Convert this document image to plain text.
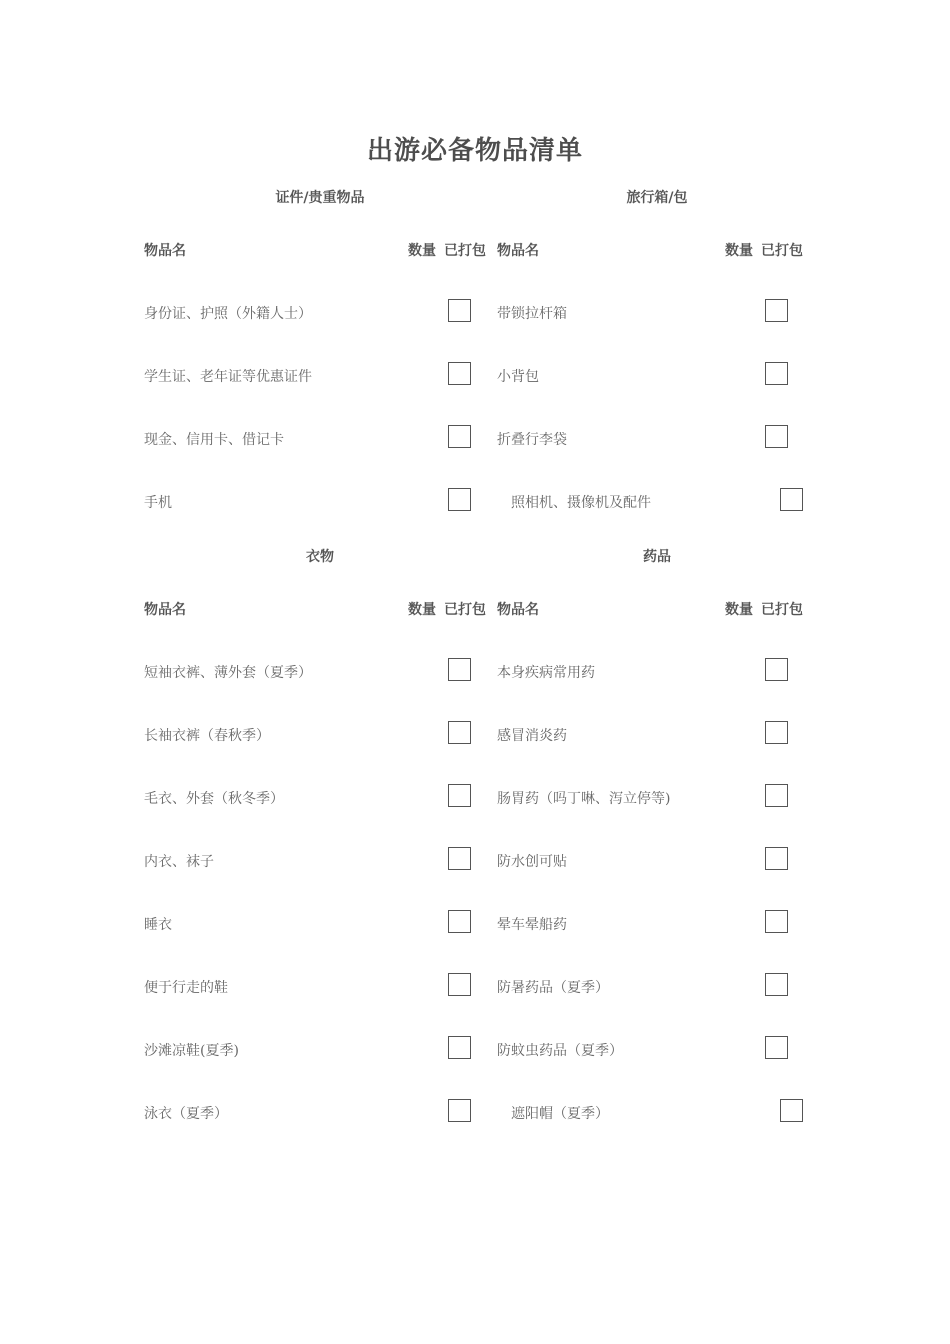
出游必备物品清单
证件/贵重物品
物品名	数量 已打包
身份证、护照（外籍人士）
学生证、老年证等优惠证件
现金、信用卡、借记卡
手机
旅行箱/包
物品名	数量 已打包
带锁拉杆箱
小背包
折叠行李袋
照相机、摄像机及配件
衣物
物品名	数量 已打包
短袖衣裤、薄外套（夏季）
长袖衣裤（春秋季）
毛衣、外套（秋冬季）
内衣、袜子
睡衣
便于行走的鞋
沙滩凉鞋(夏季)
泳衣（夏季）
药品
物品名	数量 已打包
本身疾病常用药
感冒消炎药
肠胃药（吗丁啉、泻立停等)
防水创可贴
晕车晕船药
防暑药品（夏季）
防蚊虫药品（夏季）
遮阳帽（夏季）
